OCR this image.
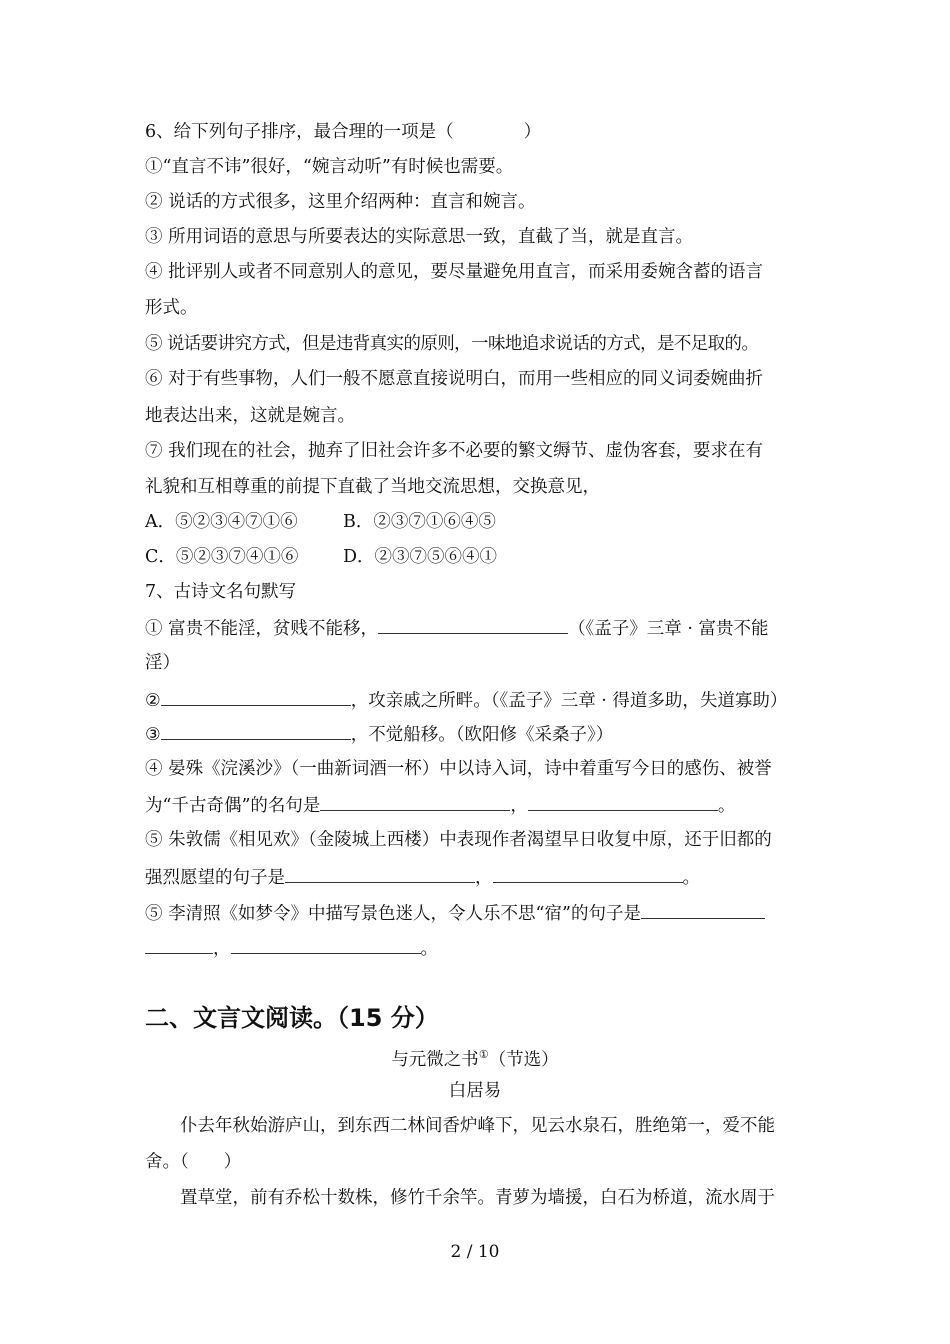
6、给下列句子排序，最合理的一项是（　　　　）
①“直言不讳”很好，“婉言动听”有时候也需要。
② 说话的方式很多，这里介绍两种：直言和婉言。
③ 所用词语的意思与所要表达的实际意思一致，直截了当，就是直言。
④ 批评别人或者不同意别人的意见，要尽量避免用直言，而采用委婉含蓄的语言
形式。
⑤ 说话要讲究方式，但是违背真实的原则，一味地追求说话的方式，是不足取的。
⑥ 对于有些事物，人们一般不愿意直接说明白，而用一些相应的同义词委婉曲折
地表达出来，这就是婉言。
⑦ 我们现在的社会，抛弃了旧社会许多不必要的繁文缛节、虚伪客套，要求在有
礼貌和互相尊重的前提下直截了当地交流思想，交换意见，
A．⑤②③④⑦①⑥	B．②③⑦①⑥④⑤
C．⑤②③⑦④①⑥	D．②③⑦⑤⑥④①
7、古诗文名句默写
① 富贵不能淫，贫贱不能移，	（《孟子》三章 · 富贵不能
淫）
②	，攻亲戚之所畔。（《孟子》三章 · 得道多助，失道寡助）
③	，不觉船移。（欧阳修《采桑子》）
④ 晏殊《浣溪沙》（一曲新词酒一杯）中以诗入词，诗中着重写今日的感伤、被誉
为“千古奇偶”的名句是	，	。
⑤ 朱敦儒《相见欢》（金陵城上西楼）中表现作者渴望早日收复中原，还于旧都的
强烈愿望的句子是	，	。
⑤ 李清照《如梦令》中描写景色迷人，令人乐不思“宿”的句子是
，	。
二、文言文阅读。（15 分）
与元微之书①（节选）
白居易
仆去年秋始游庐山，到东西二林间香炉峰下，见云水泉石，胜绝第一，爱不能
舍。（　　）
置草堂，前有乔松十数株，修竹千余竿。青萝为墙援，白石为桥道，流水周于
2 / 10
